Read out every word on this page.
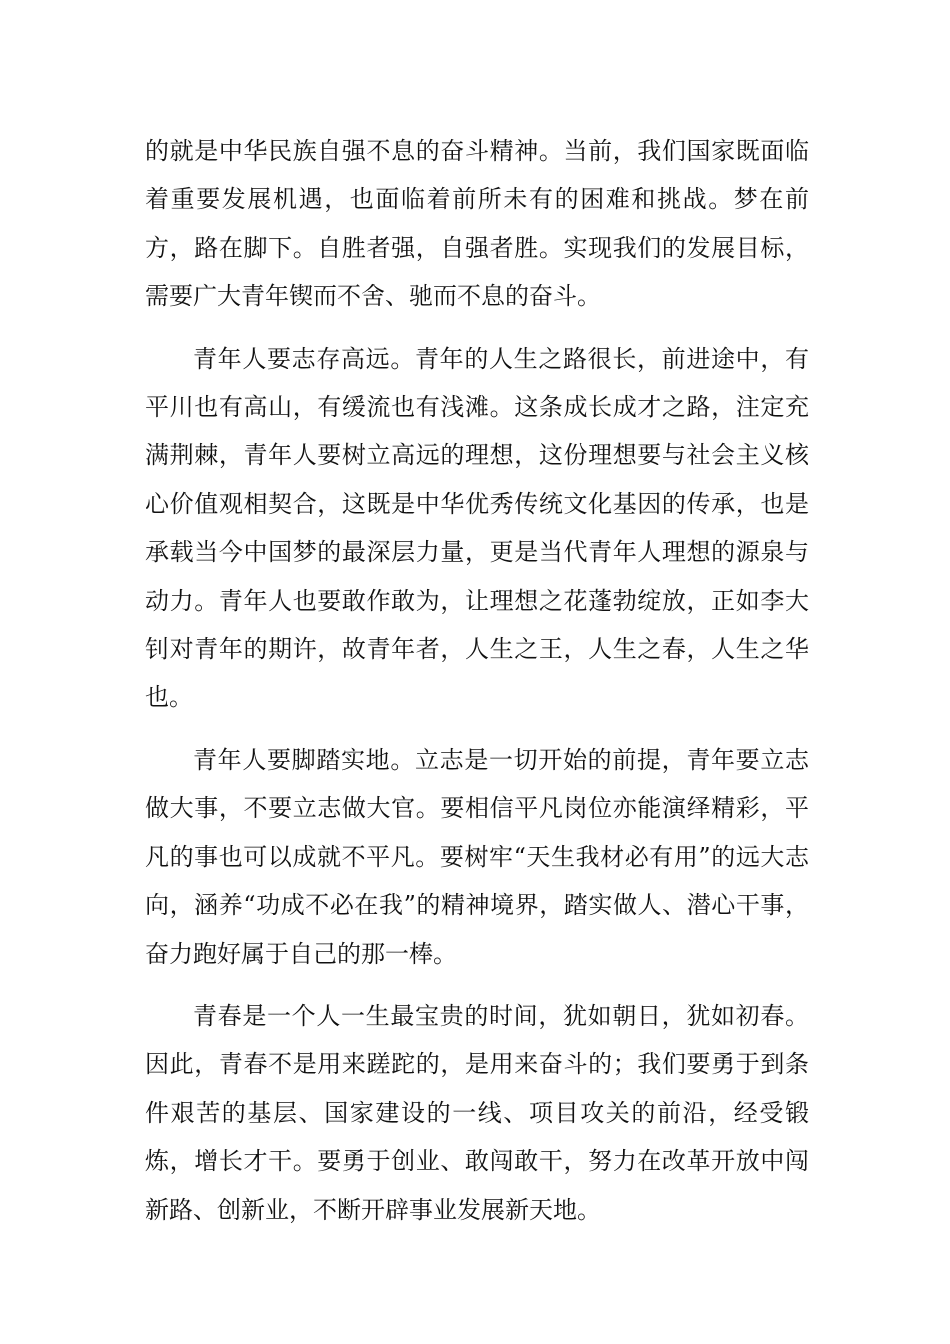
的就是中华民族自强不息的奋斗精神。当前，我们国家既面临着重要发展机遇，也面临着前所未有的困难和挑战。梦在前方，路在脚下。自胜者强，自强者胜。实现我们的发展目标，需要广大青年锲而不舍、驰而不息的奋斗。

青年人要志存高远。青年的人生之路很长，前进途中，有平川也有高山，有缓流也有浅滩。这条成长成才之路，注定充满荆棘，青年人要树立高远的理想，这份理想要与社会主义核心价值观相契合，这既是中华优秀传统文化基因的传承，也是承载当今中国梦的最深层力量，更是当代青年人理想的源泉与动力。青年人也要敢作敢为，让理想之花蓬勃绽放，正如李大钊对青年的期许，故青年者，人生之王，人生之春，人生之华也。

青年人要脚踏实地。立志是一切开始的前提，青年要立志做大事，不要立志做大官。要相信平凡岗位亦能演绎精彩，平凡的事也可以成就不平凡。要树牢“天生我材必有用”的远大志向，涵养“功成不必在我”的精神境界，踏实做人、潜心干事，奋力跑好属于自己的那一棒。

青春是一个人一生最宝贵的时间，犹如朝日，犹如初春。因此，青春不是用来蹉跎的，是用来奋斗的；我们要勇于到条件艰苦的基层、国家建设的一线、项目攻关的前沿，经受锻炼，增长才干。要勇于创业、敢闯敢干，努力在改革开放中闯新路、创新业，不断开辟事业发展新天地。
